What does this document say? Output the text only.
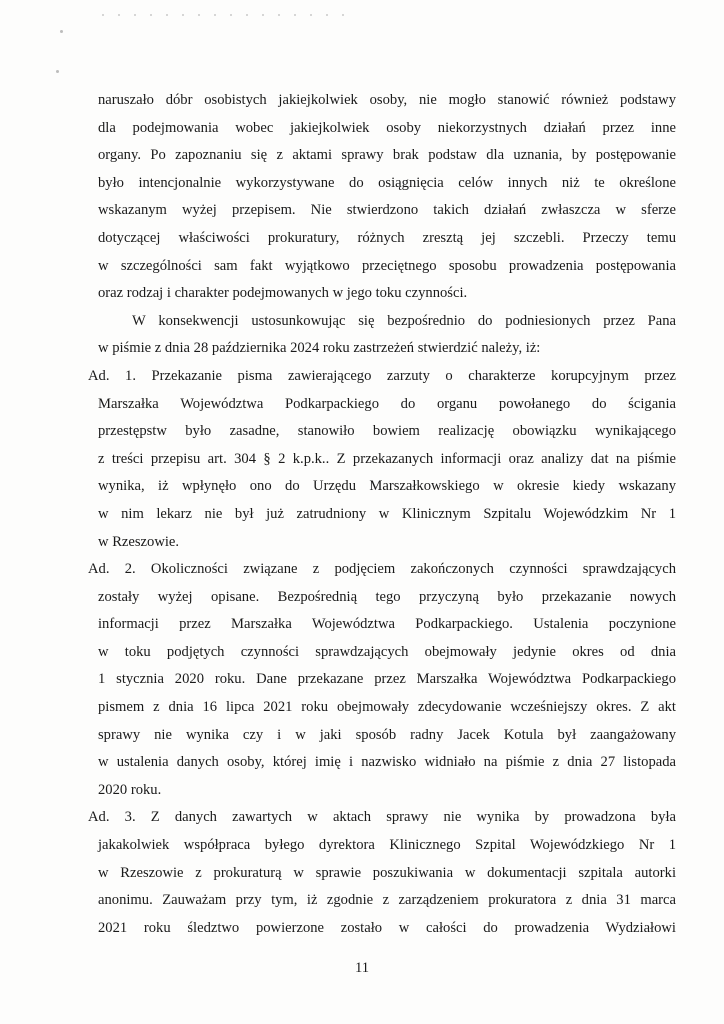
naruszało dóbr osobistych jakiejkolwiek osoby, nie mogło stanowić również podstawy
dla podejmowania wobec jakiejkolwiek osoby niekorzystnych działań przez inne
organy. Po zapoznaniu się z aktami sprawy brak podstaw dla uznania, by postępowanie
było intencjonalnie wykorzystywane do osiągnięcia celów innych niż te określone
wskazanym wyżej przepisem. Nie stwierdzono takich działań zwłaszcza w sferze
dotyczącej właściwości prokuratury, różnych zresztą jej szczebli. Przeczy temu
w szczególności sam fakt wyjątkowo przeciętnego sposobu prowadzenia postępowania
oraz rodzaj i charakter podejmowanych w jego toku czynności.
W konsekwencji ustosunkowując się bezpośrednio do podniesionych przez Pana
w piśmie z dnia 28 października 2024 roku zastrzeżeń stwierdzić należy, iż:
Ad. 1. Przekazanie pisma zawierającego zarzuty o charakterze korupcyjnym przez
Marszałka Województwa Podkarpackiego do organu powołanego do ścigania
przestępstw było zasadne, stanowiło bowiem realizację obowiązku wynikającego
z treści przepisu art. 304 § 2 k.p.k.. Z przekazanych informacji oraz analizy dat na piśmie
wynika, iż wpłynęło ono do Urzędu Marszałkowskiego w okresie kiedy wskazany
w nim lekarz nie był już zatrudniony w Klinicznym Szpitalu Wojewódzkim Nr 1
w Rzeszowie.
Ad. 2. Okoliczności związane z podjęciem zakończonych czynności sprawdzających
zostały wyżej opisane. Bezpośrednią tego przyczyną było przekazanie nowych
informacji przez Marszałka Województwa Podkarpackiego. Ustalenia poczynione
w toku podjętych czynności sprawdzających obejmowały jedynie okres od dnia
1 stycznia 2020 roku. Dane przekazane przez Marszałka Województwa Podkarpackiego
pismem z dnia 16 lipca 2021 roku obejmowały zdecydowanie wcześniejszy okres. Z akt
sprawy nie wynika czy i w jaki sposób radny Jacek Kotula był zaangażowany
w ustalenia danych osoby, której imię i nazwisko widniało na piśmie z dnia 27 listopada
2020 roku.
Ad. 3. Z danych zawartych w aktach sprawy nie wynika by prowadzona była
jakakolwiek współpraca byłego dyrektora Klinicznego Szpital Wojewódzkiego Nr 1
w Rzeszowie z prokuraturą w sprawie poszukiwania w dokumentacji szpitala autorki
anonimu. Zauważam przy tym, iż zgodnie z zarządzeniem prokuratora z dnia 31 marca
2021 roku śledztwo powierzone zostało w całości do prowadzenia Wydziałowi
11
